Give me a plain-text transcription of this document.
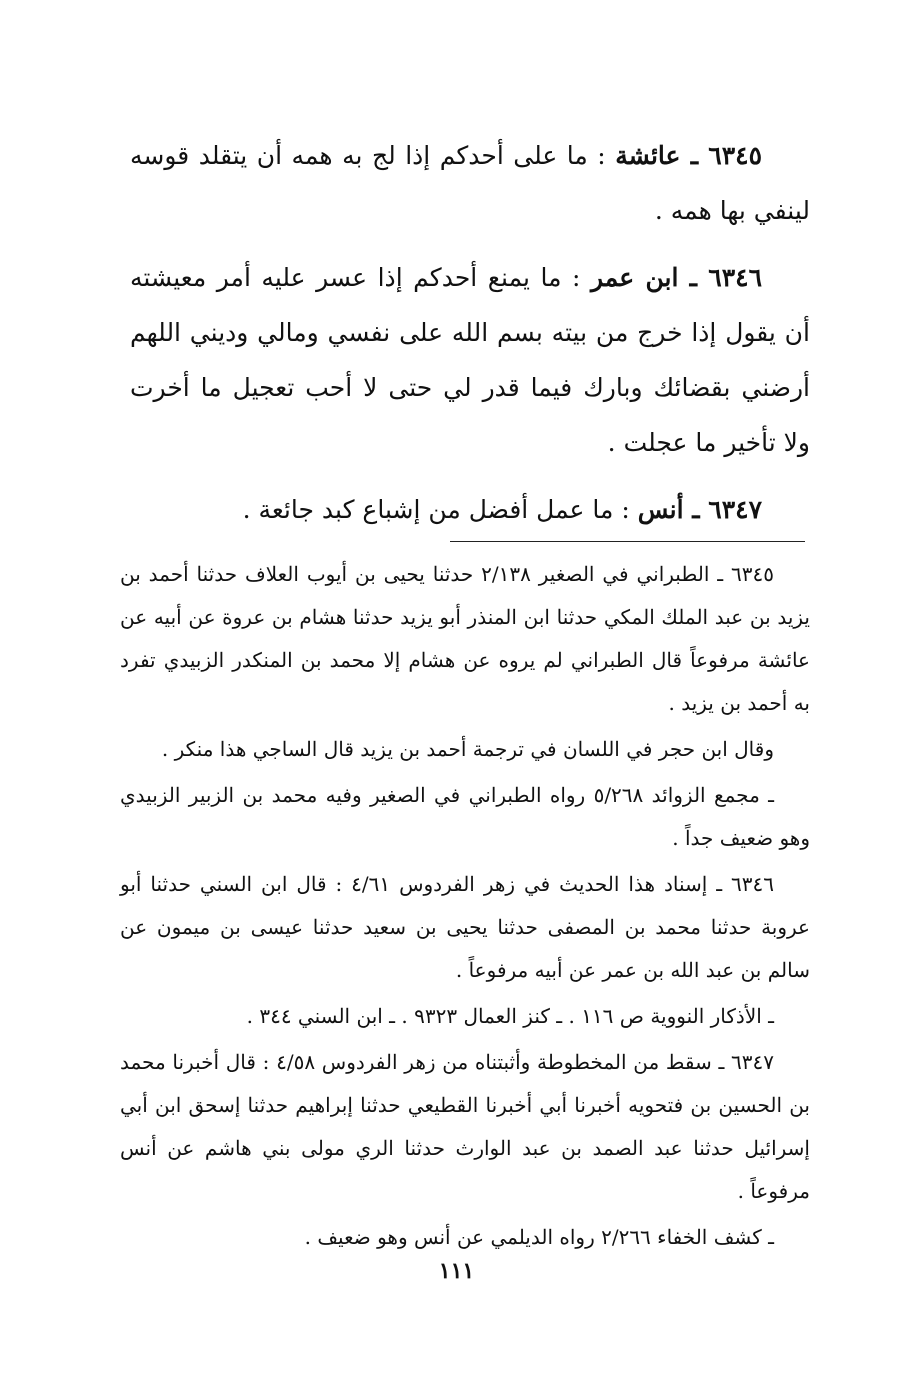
٦٣٤٥ ـ عائشة : ما على أحدكم إذا لج به همه أن يتقلد قوسه لينفي بها همه .

٦٣٤٦ ـ ابن عمر : ما يمنع أحدكم إذا عسر عليه أمر معيشته أن يقول إذا خرج من بيته بسم الله على نفسي ومالي وديني اللهم أرضني بقضائك وبارك فيما قدر لي حتى لا أحب تعجيل ما أخرت ولا تأخير ما عجلت .

٦٣٤٧ ـ أنس : ما عمل أفضل من إشباع كبد جائعة .

٦٣٤٥ ـ الطبراني في الصغير ٢/١٣٨ حدثنا يحيى بن أيوب العلاف حدثنا أحمد بن يزيد بن عبد الملك المكي حدثنا ابن المنذر أبو يزيد حدثنا هشام بن عروة عن أبيه عن عائشة مرفوعاً قال الطبراني لم يروه عن هشام إلا محمد بن المنكدر الزبيدي تفرد به أحمد بن يزيد .

وقال ابن حجر في اللسان في ترجمة أحمد بن يزيد قال الساجي هذا منكر .

ـ مجمع الزوائد ٥/٢٦٨ رواه الطبراني في الصغير وفيه محمد بن الزبير الزبيدي وهو ضعيف جداً .

٦٣٤٦ ـ إسناد هذا الحديث في زهر الفردوس ٤/٦١ : قال ابن السني حدثنا أبو عروبة حدثنا محمد بن المصفى حدثنا يحيى بن سعيد حدثنا عيسى بن ميمون عن سالم بن عبد الله بن عمر عن أبيه مرفوعاً .

ـ الأذكار النووية ص ١١٦ . ـ كنز العمال ٩٣٢٣ . ـ ابن السني ٣٤٤ .

٦٣٤٧ ـ سقط من المخطوطة وأثبتناه من زهر الفردوس ٤/٥٨ : قال أخبرنا محمد بن الحسين بن فتحويه أخبرنا أبي أخبرنا القطيعي حدثنا إبراهيم حدثنا إسحق ابن أبي إسرائيل حدثنا عبد الصمد بن عبد الوارث حدثنا الري مولى بني هاشم عن أنس مرفوعاً .

ـ كشف الخفاء ٢/٢٦٦ رواه الديلمي عن أنس وهو ضعيف .

١١١
